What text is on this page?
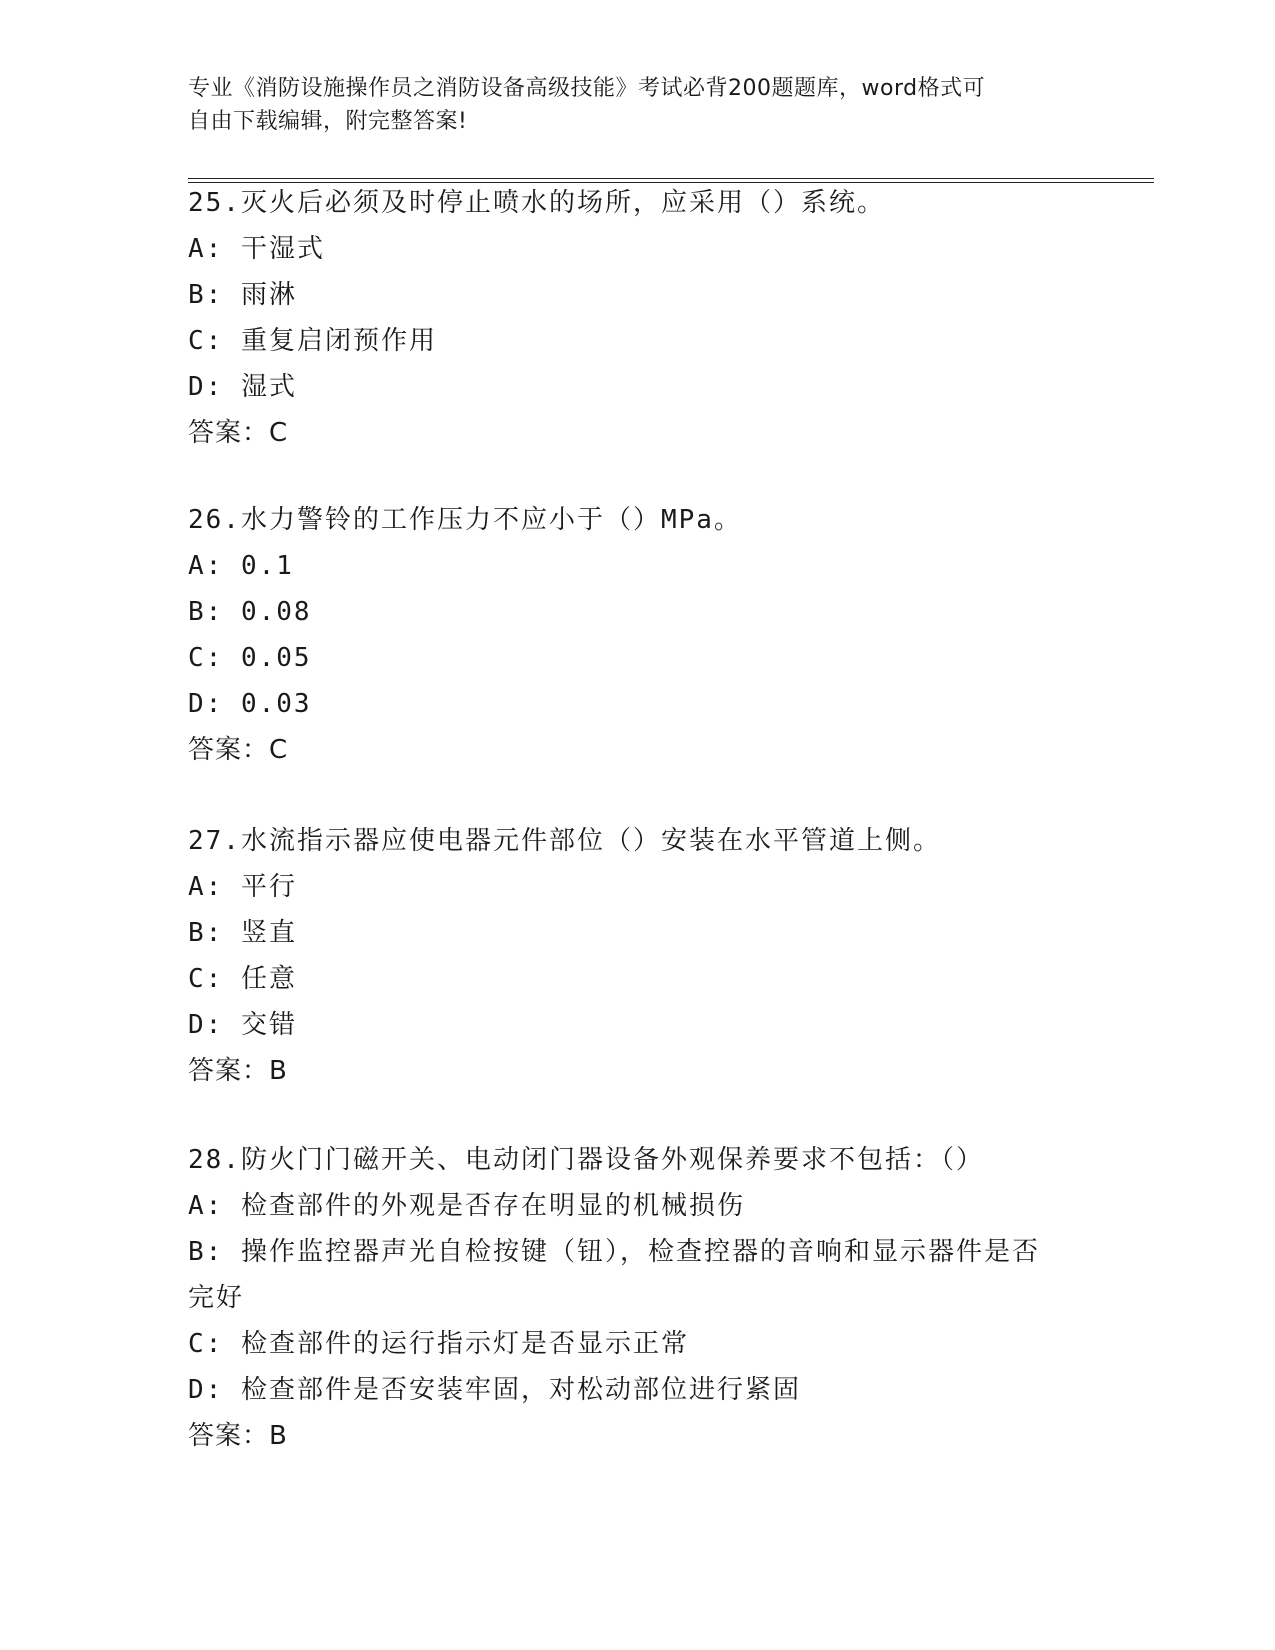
专业《消防设施操作员之消防设备高级技能》考试必背200题题库，word格式可
自由下载编辑，附完整答案!
25.灭火后必须及时停止喷水的场所，应采用（）系统。
A: 干湿式
B: 雨淋
C: 重复启闭预作用
D: 湿式
答案：C
26.水力警铃的工作压力不应小于（）MPa。
A: 0.1
B: 0.08
C: 0.05
D: 0.03
答案：C
27.水流指示器应使电器元件部位（）安装在水平管道上侧。
A: 平行
B: 竖直
C: 任意
D: 交错
答案：B
28.防火门门磁开关、电动闭门器设备外观保养要求不包括：（）
A: 检查部件的外观是否存在明显的机械损伤
B: 操作监控器声光自检按键（钮），检查控器的音响和显示器件是否完好
C: 检查部件的运行指示灯是否显示正常
D: 检查部件是否安装牢固，对松动部位进行紧固
答案：B
